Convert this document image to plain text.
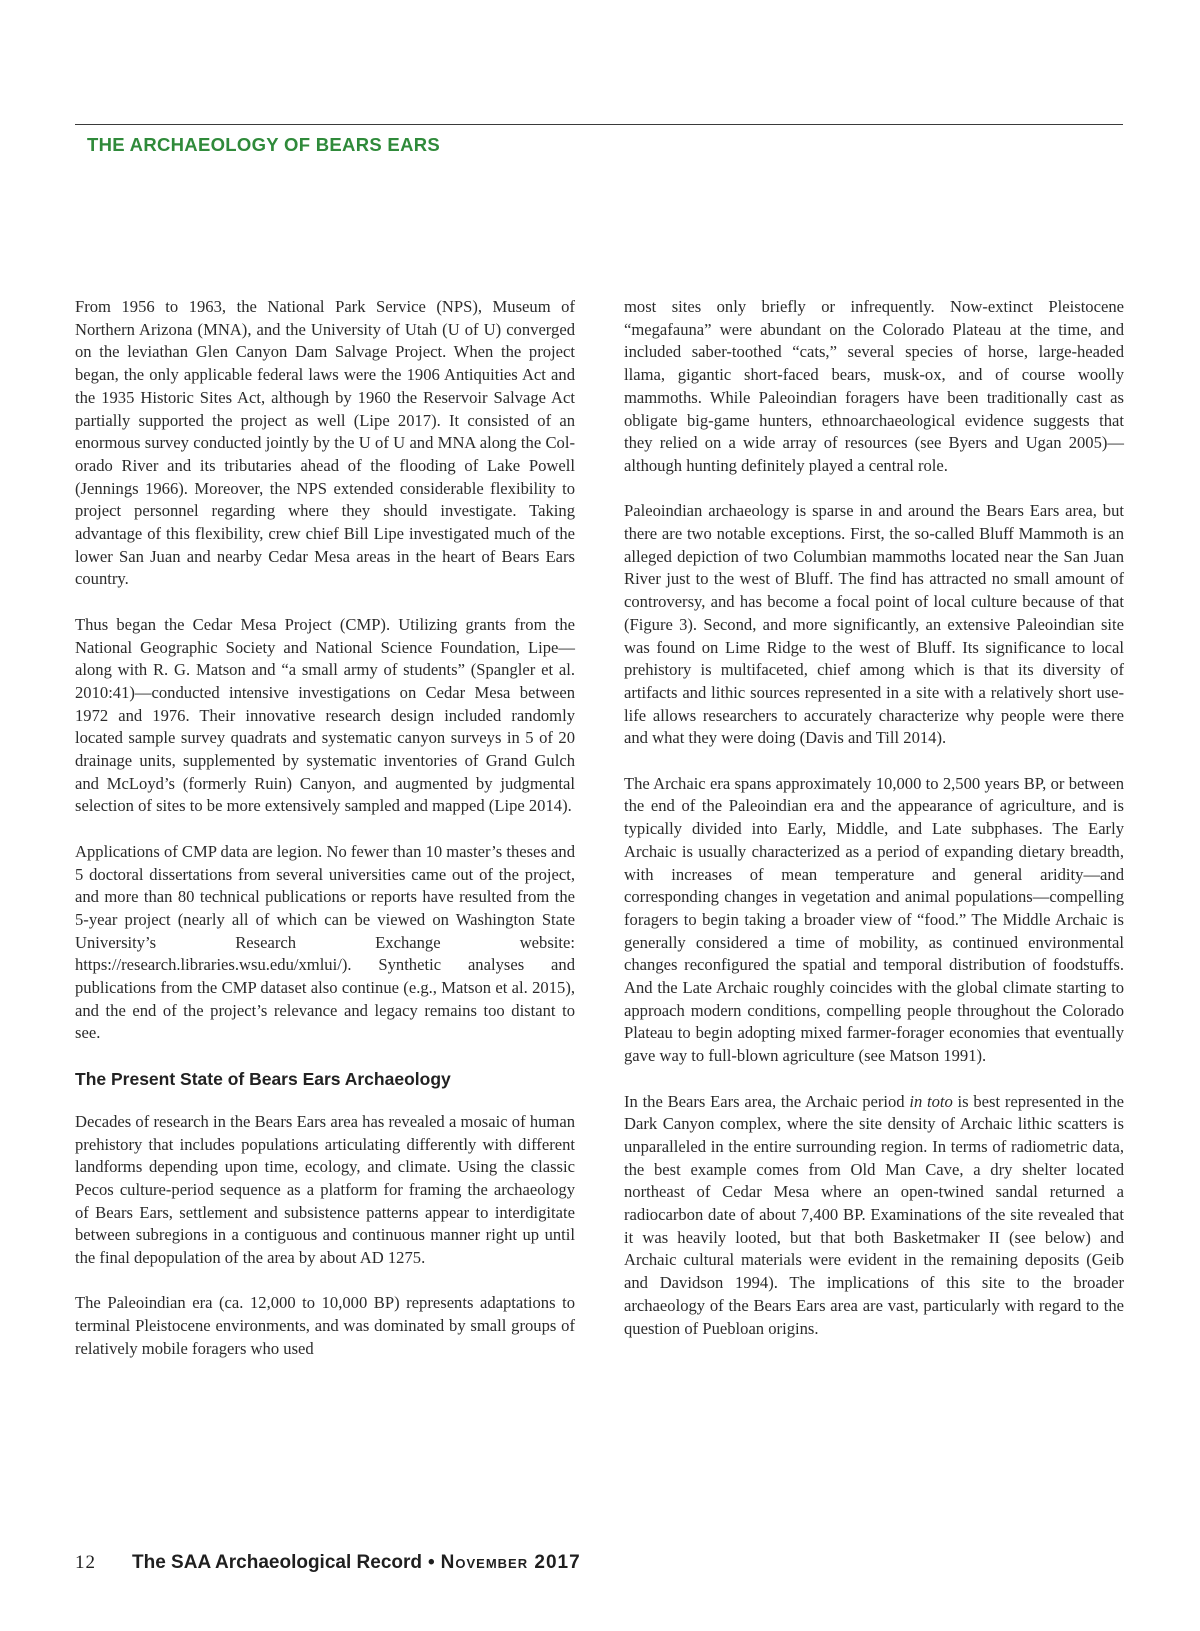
THE ARCHAEOLOGY OF BEARS EARS

From 1956 to 1963, the National Park Service (NPS), Museum of Northern Arizona (MNA), and the University of Utah (U of U) converged on the leviathan Glen Canyon Dam Salvage Project. When the project began, the only applicable federal laws were the 1906 Antiquities Act and the 1935 Historic Sites Act, although by 1960 the Reservoir Salvage Act partially supported the project as well (Lipe 2017). It consisted of an enormous survey conducted jointly by the U of U and MNA along the Colorado River and its tributaries ahead of the flooding of Lake Powell (Jennings 1966). Moreover, the NPS extended considerable flexibility to project personnel regarding where they should investigate. Taking advantage of this flexibility, crew chief Bill Lipe investigated much of the lower San Juan and nearby Cedar Mesa areas in the heart of Bears Ears country.

Thus began the Cedar Mesa Project (CMP). Utilizing grants from the National Geographic Society and National Science Foundation, Lipe—along with R. G. Matson and “a small army of students” (Spangler et al. 2010:41)—conducted intensive investigations on Cedar Mesa between 1972 and 1976. Their innovative research design included randomly located sample survey quadrats and systematic canyon surveys in 5 of 20 drainage units, supplemented by systematic inventories of Grand Gulch and McLoyd’s (formerly Ruin) Canyon, and augmented by judgmental selection of sites to be more extensively sampled and mapped (Lipe 2014).

Applications of CMP data are legion. No fewer than 10 master’s theses and 5 doctoral dissertations from several universities came out of the project, and more than 80 technical publications or reports have resulted from the 5-year project (nearly all of which can be viewed on Washington State University’s Research Exchange website: https://research.libraries.wsu.edu/xmlui/). Synthetic analyses and publications from the CMP dataset also continue (e.g., Matson et al. 2015), and the end of the project’s relevance and legacy remains too distant to see.

The Present State of Bears Ears Archaeology

Decades of research in the Bears Ears area has revealed a mosaic of human prehistory that includes populations articulating differently with different landforms depending upon time, ecology, and climate. Using the classic Pecos culture-period sequence as a platform for framing the archaeology of Bears Ears, settlement and subsistence patterns appear to interdigitate between subregions in a contiguous and continuous manner right up until the final depopulation of the area by about AD 1275.

The Paleoindian era (ca. 12,000 to 10,000 BP) represents adaptations to terminal Pleistocene environments, and was dominated by small groups of relatively mobile foragers who used

most sites only briefly or infrequently. Now-extinct Pleistocene “megafauna” were abundant on the Colorado Plateau at the time, and included saber-toothed “cats,” several species of horse, large-headed llama, gigantic short-faced bears, musk-ox, and of course woolly mammoths. While Paleoindian foragers have been traditionally cast as obligate big-game hunters, ethnoarchaeological evidence suggests that they relied on a wide array of resources (see Byers and Ugan 2005)—although hunting definitely played a central role.

Paleoindian archaeology is sparse in and around the Bears Ears area, but there are two notable exceptions. First, the so-called Bluff Mammoth is an alleged depiction of two Columbian mammoths located near the San Juan River just to the west of Bluff. The find has attracted no small amount of controversy, and has become a focal point of local culture because of that (Figure 3). Second, and more significantly, an extensive Paleoindian site was found on Lime Ridge to the west of Bluff. Its significance to local prehistory is multifaceted, chief among which is that its diversity of artifacts and lithic sources represented in a site with a relatively short use-life allows researchers to accurately characterize why people were there and what they were doing (Davis and Till 2014).

The Archaic era spans approximately 10,000 to 2,500 years BP, or between the end of the Paleoindian era and the appearance of agriculture, and is typically divided into Early, Middle, and Late subphases. The Early Archaic is usually characterized as a period of expanding dietary breadth, with increases of mean temperature and general aridity—and corresponding changes in vegetation and animal populations—compelling foragers to begin taking a broader view of “food.” The Middle Archaic is generally considered a time of mobility, as continued environmental changes reconfigured the spatial and temporal distribution of foodstuffs. And the Late Archaic roughly coincides with the global climate starting to approach modern conditions, compelling people throughout the Colorado Plateau to begin adopting mixed farmer-forager economies that eventually gave way to full-blown agriculture (see Matson 1991).

In the Bears Ears area, the Archaic period in toto is best represented in the Dark Canyon complex, where the site density of Archaic lithic scatters is unparalleled in the entire surrounding region. In terms of radiometric data, the best example comes from Old Man Cave, a dry shelter located northeast of Cedar Mesa where an open-twined sandal returned a radiocarbon date of about 7,400 BP. Examinations of the site revealed that it was heavily looted, but that both Basketmaker II (see below) and Archaic cultural materials were evident in the remaining deposits (Geib and Davidson 1994). The implications of this site to the broader archaeology of the Bears Ears area are vast, particularly with regard to the question of Puebloan origins.

12 The SAA Archaeological Record • November 2017
